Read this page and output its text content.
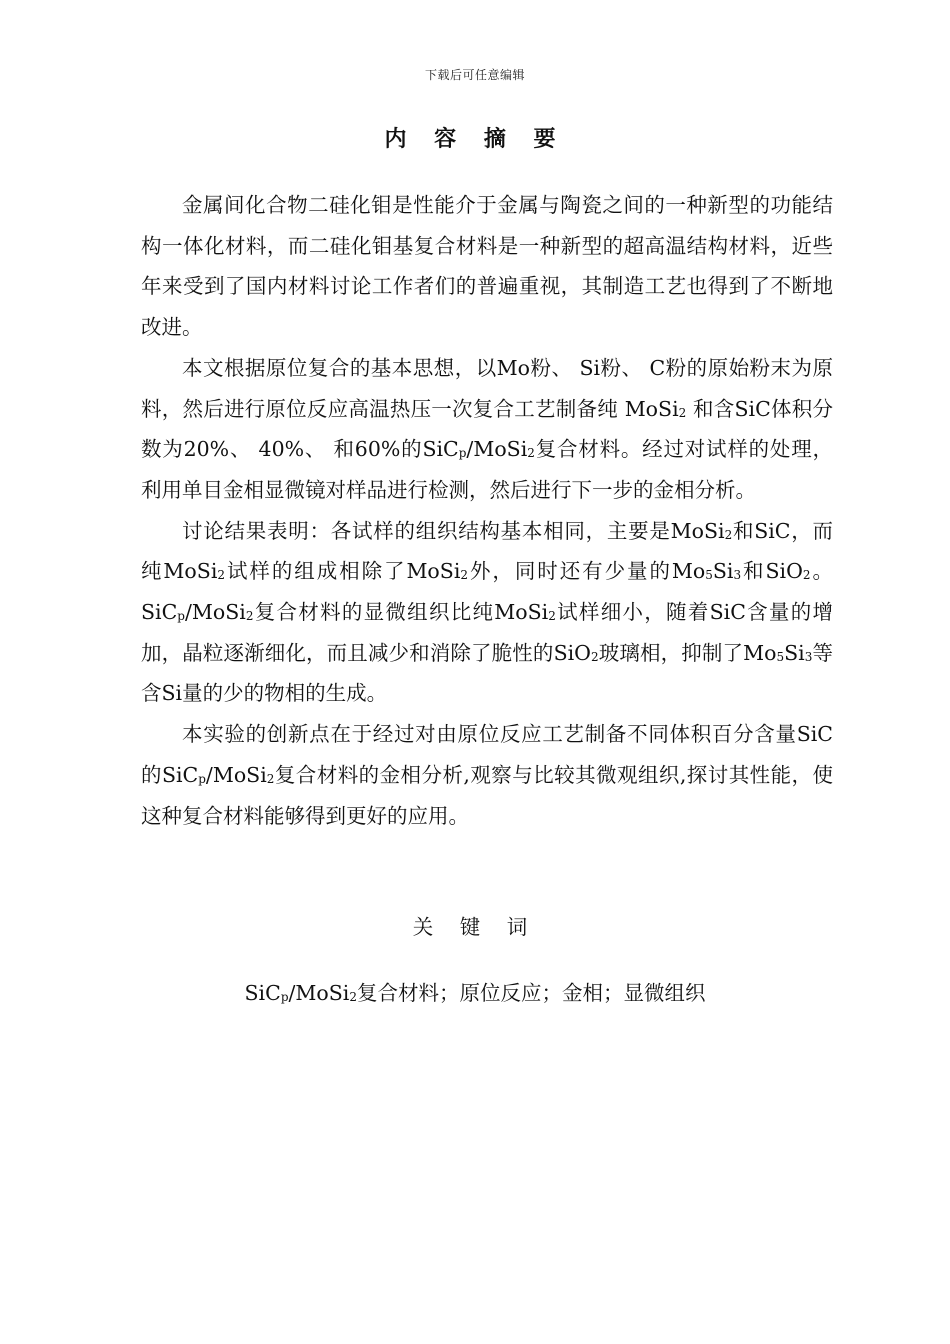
下载后可任意编辑
内 容 摘 要

金属间化合物二硅化钼是性能介于金属与陶瓷之间的一种新型的功能结构一体化材料，而二硅化钼基复合材料是一种新型的超高温结构材料，近些年来受到了国内材料讨论工作者们的普遍重视，其制造工艺也得到了不断地改进。

本文根据原位复合的基本思想，以Mo粉、 Si粉、 C粉的原始粉末为原料，然后进行原位反应高温热压一次复合工艺制备纯 MoSi$_2$ 和含SiC体积分数为20%、 40%、 和60%的SiC$_p$/MoSi$_2$复合材料。经过对试样的处理，利用单目金相显微镜对样品进行检测，然后进行下一步的金相分析。

讨论结果表明：各试样的组织结构基本相同，主要是MoSi$_2$和SiC，而纯MoSi$_2$试样的组成相除了MoSi$_2$外，同时还有少量的$Mo_5Si_3$和SiO$_2$。SiC$_p$/MoSi$_2$复合材料的显微组织比纯MoSi$_2$试样细小，随着SiC含量的增加，晶粒逐渐细化，而且减少和消除了脆性的SiO$_2$玻璃相，抑制了$Mo_5Si_3$等含Si量的少的物相的生成。

本实验的创新点在于经过对由原位反应工艺制备不同体积百分含量SiC的SiC$_p$/MoSi$_2$复合材料的金相分析,观察与比较其微观组织,探讨其性能，使这种复合材料能够得到更好的应用。

关 键 词
SiC$_p$/MoSi$_2$复合材料；原位反应；金相；显微组织
